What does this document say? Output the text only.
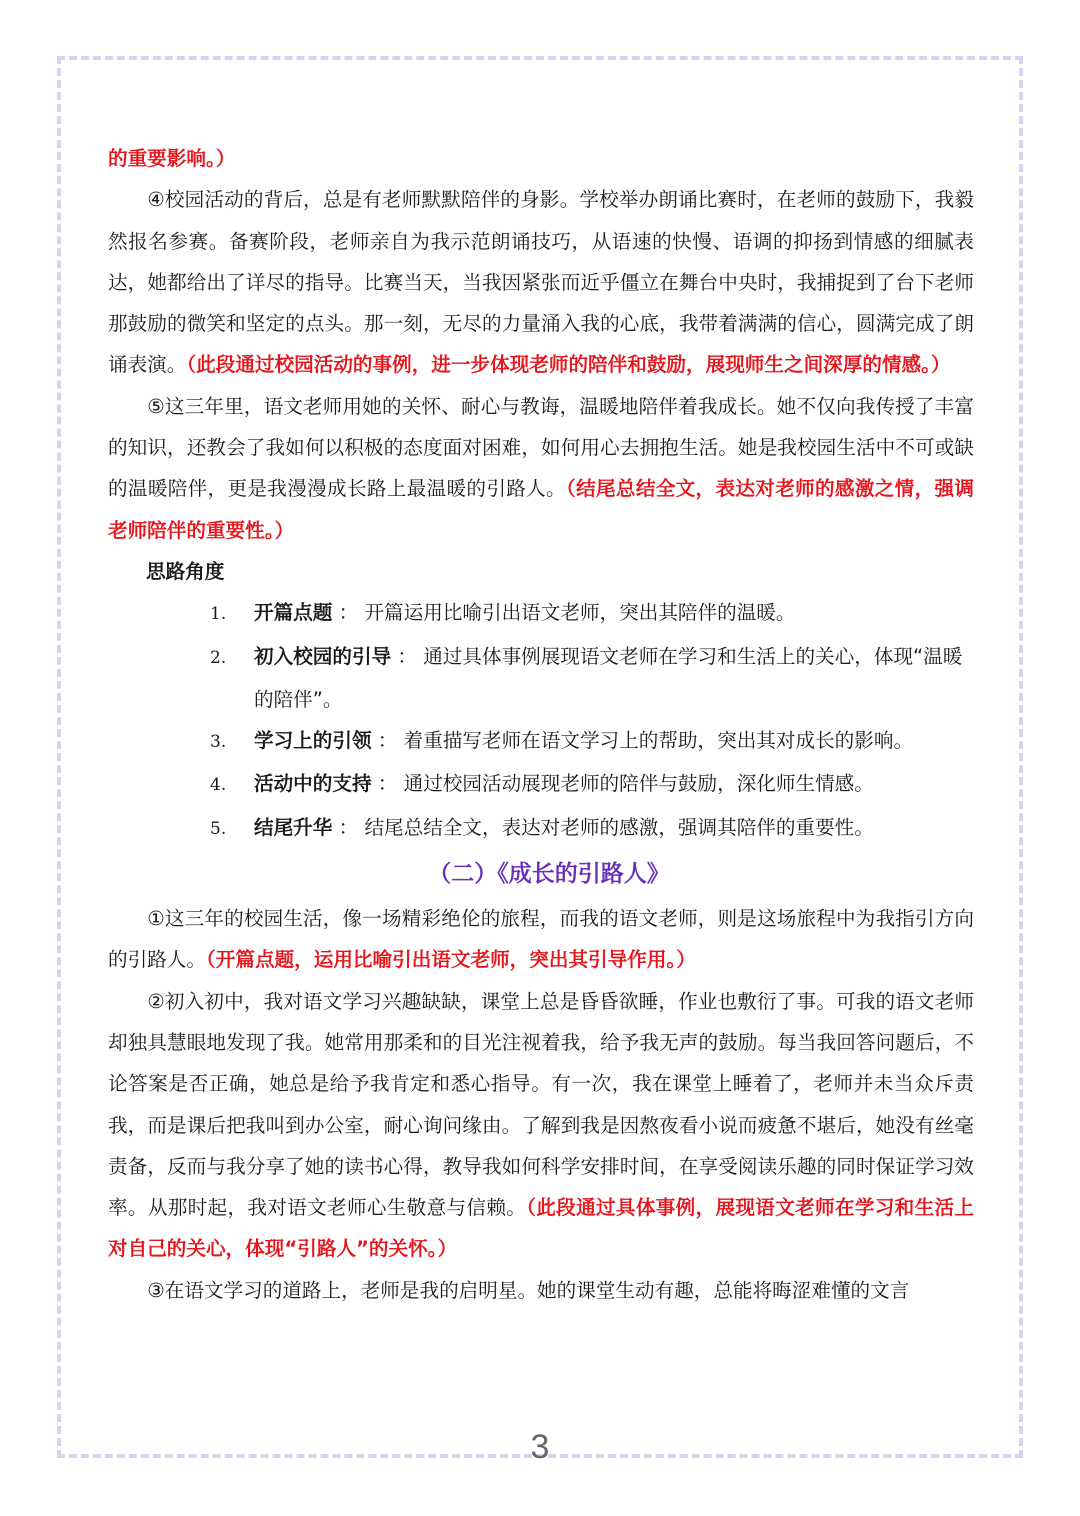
的重要影响。）

④校园活动的背后，总是有老师默默陪伴的身影。学校举办朗诵比赛时，在老师的鼓励下，我毅然报名参赛。备赛阶段，老师亲自为我示范朗诵技巧，从语速的快慢、语调的抑扬到情感的细腻表达，她都给出了详尽的指导。比赛当天，当我因紧张而近乎僵立在舞台中央时，我捕捉到了台下老师那鼓励的微笑和坚定的点头。那一刻，无尽的力量涌入我的心底，我带着满满的信心，圆满完成了朗诵表演。（此段通过校园活动的事例，进一步体现老师的陪伴和鼓励，展现师生之间深厚的情感。）

⑤这三年里，语文老师用她的关怀、耐心与教诲，温暖地陪伴着我成长。她不仅向我传授了丰富的知识，还教会了我如何以积极的态度面对困难，如何用心去拥抱生活。她是我校园生活中不可或缺的温暖陪伴，更是我漫漫成长路上最温暖的引路人。（结尾总结全文，表达对老师的感激之情，强调老师陪伴的重要性。）

思路角度

1. 开篇点题 ： 开篇运用比喻引出语文老师，突出其陪伴的温暖。

2. 初入校园的引导 ： 通过具体事例展现语文老师在学习和生活上的关心，体现“温暖的陪伴”。

3. 学习上的引领 ： 着重描写老师在语文学习上的帮助，突出其对成长的影响。

4. 活动中的支持 ： 通过校园活动展现老师的陪伴与鼓励，深化师生情感。

5. 结尾升华 ： 结尾总结全文，表达对老师的感激，强调其陪伴的重要性。

（二）《成长的引路人》

①这三年的校园生活，像一场精彩绝伦的旅程，而我的语文老师，则是这场旅程中为我指引方向的引路人。（开篇点题，运用比喻引出语文老师，突出其引导作用。）

②初入初中，我对语文学习兴趣缺缺，课堂上总是昏昏欲睡，作业也敷衍了事。可我的语文老师却独具慧眼地发现了我。她常用那柔和的目光注视着我，给予我无声的鼓励。每当我回答问题后，不论答案是否正确，她总是给予我肯定和悉心指导。有一次，我在课堂上睡着了，老师并未当众斥责我，而是课后把我叫到办公室，耐心询问缘由。了解到我是因熬夜看小说而疲惫不堪后，她没有丝毫责备，反而与我分享了她的读书心得，教导我如何科学安排时间，在享受阅读乐趣的同时保证学习效率。从那时起，我对语文老师心生敬意与信赖。（此段通过具体事例，展现语文老师在学习和生活上对自己的关心，体现“引路人”的关怀。）

③在语文学习的道路上，老师是我的启明星。她的课堂生动有趣，总能将晦涩难懂的文言

3
